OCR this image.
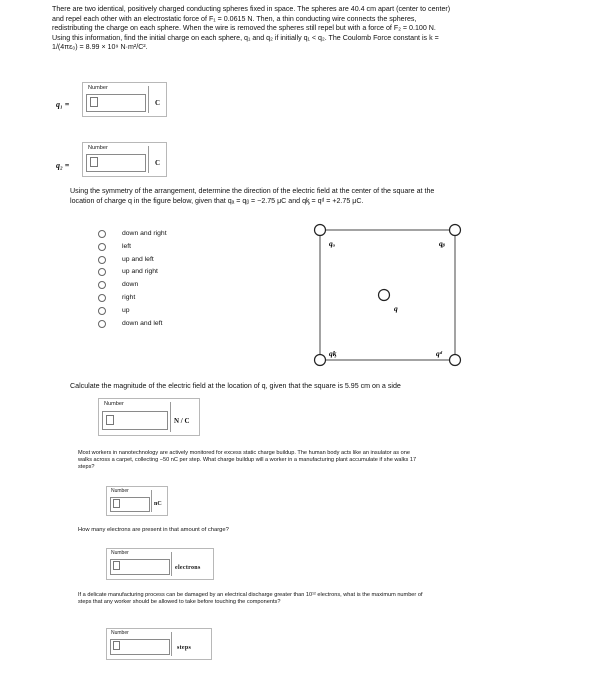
There are two identical, positively charged conducting spheres fixed in space. The spheres are 40.4 cm apart (center to center) and repel each other with an electrostatic force of F₁ = 0.0615 N. Then, a thin conducting wire connects the spheres, redistributing the charge on each sphere. When the wire is removed the spheres still repel but with a force of F₂ = 0.100 N. Using this information, find the initial charge on each sphere, q₁ and q₂ if initially q₁ < q₂. The Coulomb Force constant is k = 1/(4πε₀) = 8.99 × 10⁹ N·m²/C².
q₁ =
Number
C
q₂ =
Number
C
Using the symmetry of the arrangement, determine the direction of the electric field at the center of the square at the location of charge q in the figure below, given that qₐ = qᵦ = −2.75 μC and qᶄ = qᵈ = +2.75 μC.
down and right
left
up and left
up and right
down
right
up
down and left
qₐ	qᵦ
q
qᶄ	qᵈ
Calculate the magnitude of the electric field at the location of q, given that the square is 5.95 cm on a side
Number
N / C
Most workers in nanotechnology are actively monitored for excess static charge buildup. The human body acts like an insulator as one walks across a carpet, collecting −50 nC per step. What charge buildup will a worker in a manufacturing plant accumulate if she walks 17 steps?
Number
nC
How many electrons are present in that amount of charge?
Number
electrons
If a delicate manufacturing process can be damaged by an electrical discharge greater than 10¹² electrons, what is the maximum number of steps that any worker should be allowed to take before touching the components?
Number
steps
